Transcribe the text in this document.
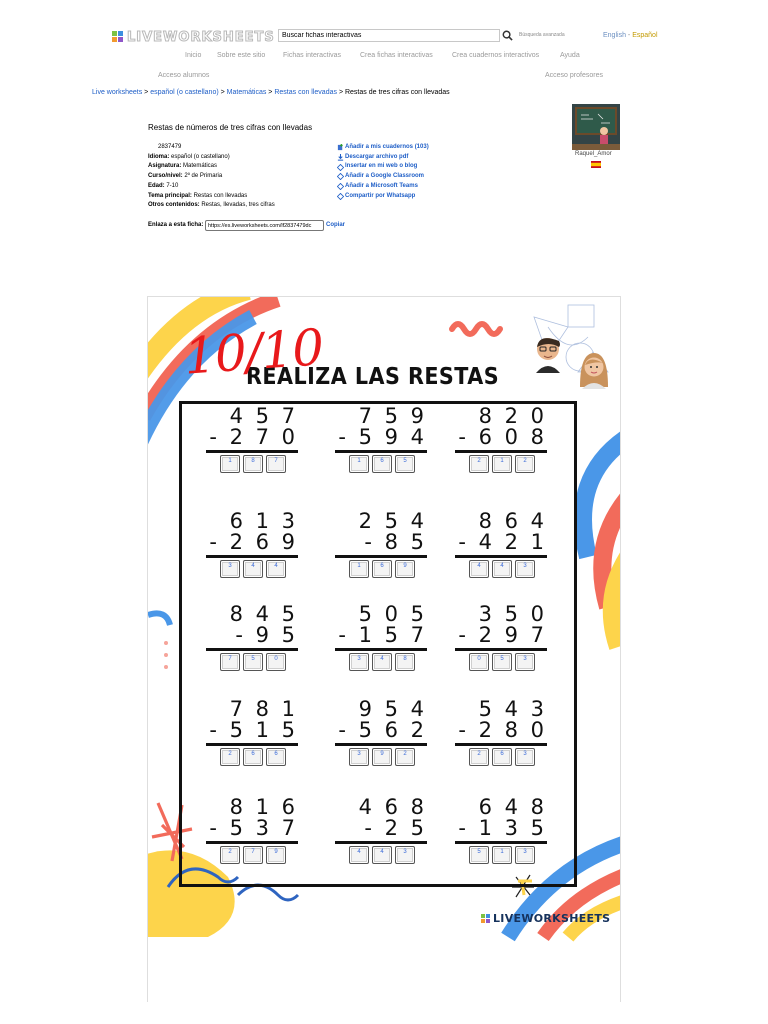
LIVEWORKSHEETS
Buscar fichas interactivas	Búsqueda avanzada	English - Español
Inicio Sobre este sitio	Fichas interactivas	Crea fichas interactivas	Crea cuadernos interactivos	Ayuda
Acceso alumnos	Acceso profesores
Live worksheets > español (o castellano) > Matemáticas > Restas con llevadas > Restas de tres cifras con llevadas
Restas de números de tres cifras con llevadas
2837479
Idioma: español (o castellano)
Asignatura: Matemáticas
Curso/nivel: 2º de Primaria
Edad: 7-10
Tema principal: Restas con llevadas
Otros contenidos: Restas, llevadas, tres cifras
Añadir a mis cuadernos (103)
Descargar archivo pdf
Insertar en mi web o blog
Añadir a Google Classroom
Añadir a Microsoft Teams
Compartir por Whatsapp
Raquel_Amor
Enlaza a esta ficha:
https://es.liveworksheets.com/lf2837479dc	Copiar
REALIZA LAS RESTAS
10/10
4 5 7
- 2 7 0
1	8	7
7 5 9
- 5 9 4
1	6	5
8 2 0
- 6 0 8
2	1	2
6 1 3
- 2 6 9
3	4	4
2 5 4
- 8 5
1	6	9
8 6 4
- 4 2 1
4	4	3
8 4 5
- 9 5
7	5	0
5 0 5
- 1 5 7
3	4	8
3 5 0
- 2 9 7
0	5	3
7 8 1
- 5 1 5
2	6	6
9 5 4
- 5 6 2
3	9	2
5 4 3
- 2 8 0
2	6	3
8 1 6
- 5 3 7
2	7	9
4 6 8
- 2 5
4	4	3
6 4 8
- 1 3 5
5	1	3
LIVEWORKSHEETS
